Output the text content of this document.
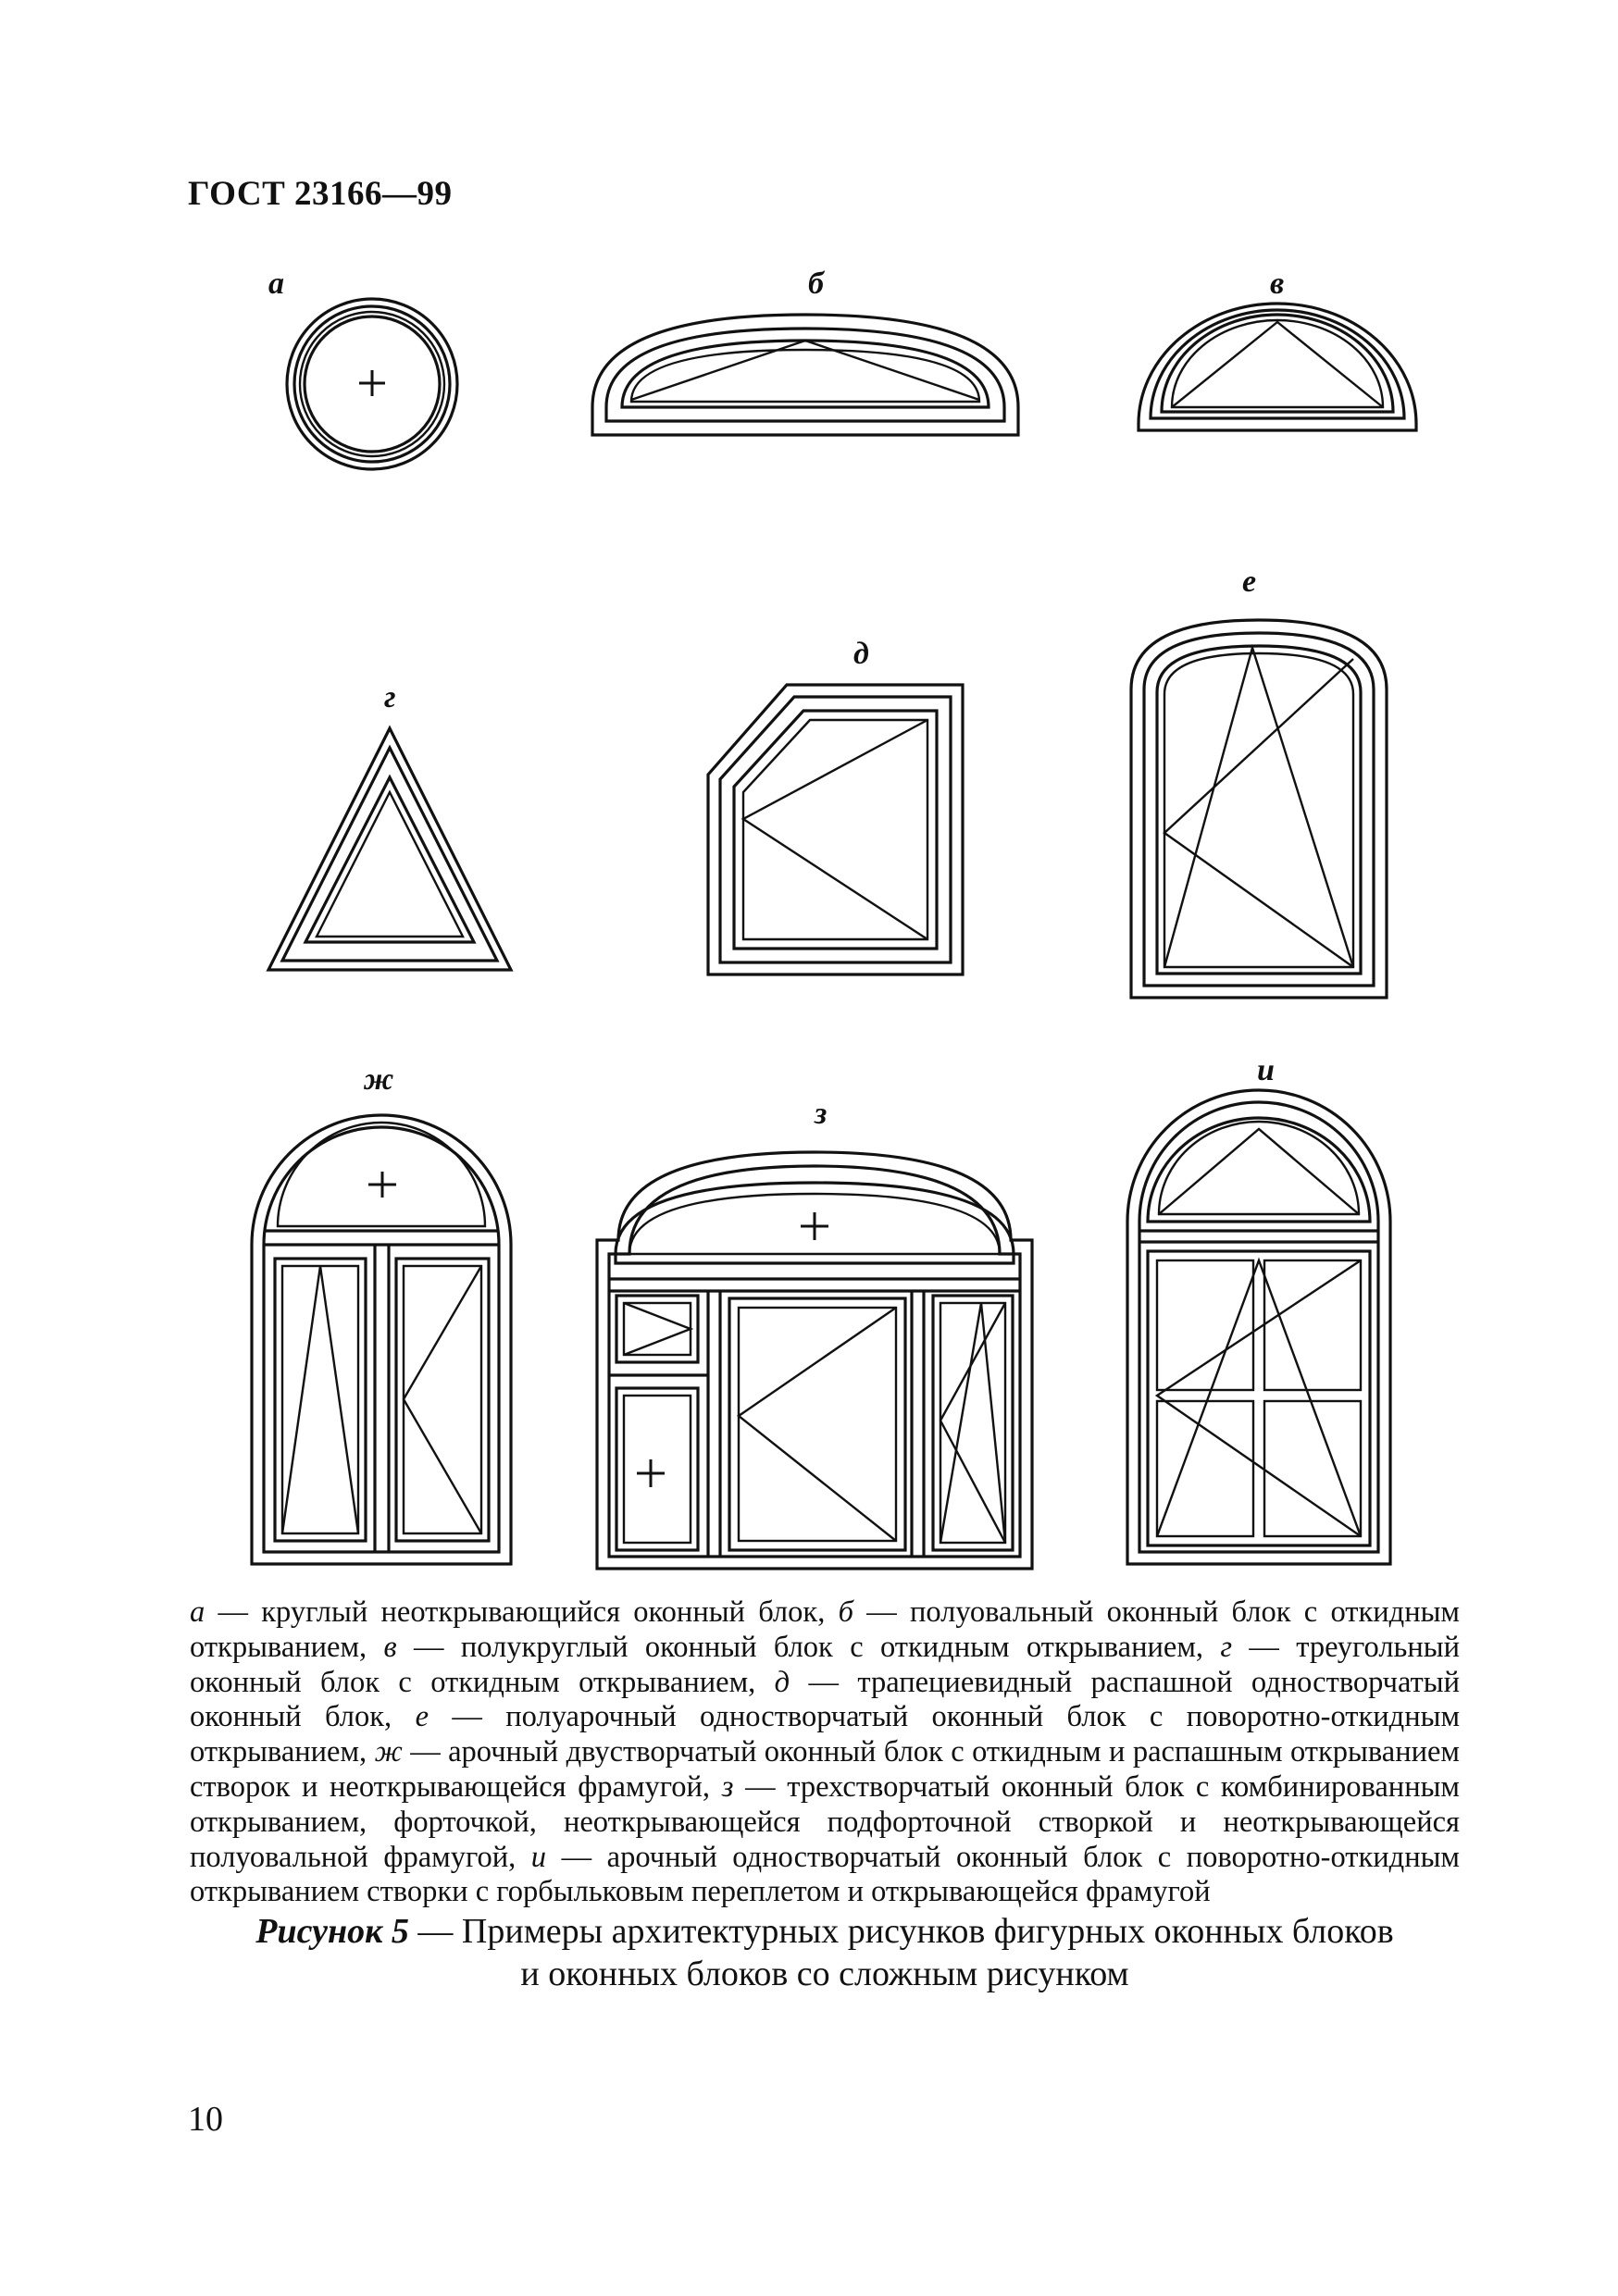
ГОСТ 23166—99
а	б	в
г
д
е
ж
з
и
а — круглый неоткрывающийся оконный блок, б — полуовальный оконный блок с откидным открыванием, в — полукруглый оконный блок с откидным открыванием, г — треугольный оконный блок с откидным открыванием, д — трапециевидный распашной одностворчатый оконный блок, е — полуарочный одностворчатый оконный блок с поворотно-откидным открыванием, ж — арочный двустворчатый оконный блок с откидным и распашным открыванием створок и неоткрывающейся фрамугой, з — трехстворчатый оконный блок с комбинированным открыванием, форточкой, неоткрывающейся подфорточной створкой и неоткрывающейся полуовальной фрамугой, и — арочный одностворчатый оконный блок с поворотно-откидным открыванием створки с горбыльковым переплетом и открывающейся фрамугой
Рисунок 5 — Примеры архитектурных рисунков фигурных оконных блоков
и оконных блоков со сложным рисунком
10
